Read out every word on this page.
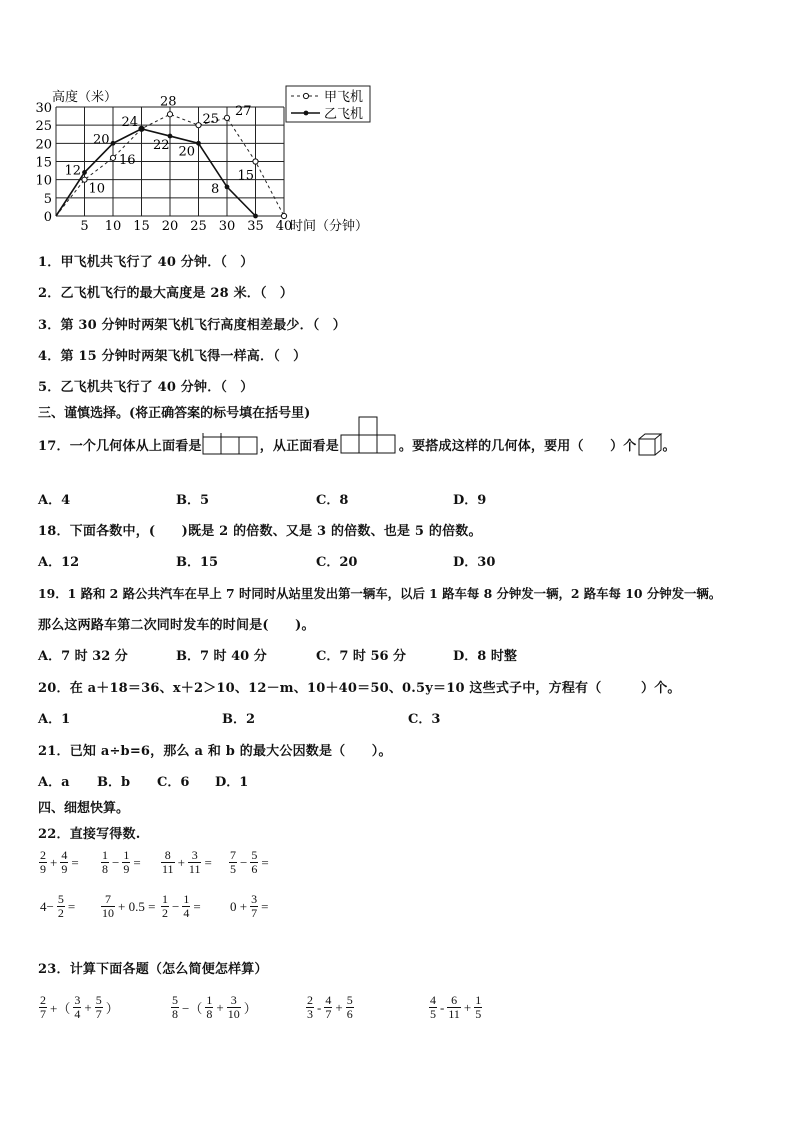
0
5
10
15
20
25
30
5 10 15 20 25 30 35 40
时间（分钟）
高度（米）
12
10
20
16
24
28
22
25
20
27
8
15
甲飞机
乙飞机
1．甲飞机共飞行了 40 分钟．（　）
2．乙飞机飞行的最大高度是 28 米．（　）
3．第 30 分钟时两架飞机飞行高度相差最少．（　）
4．第 15 分钟时两架飞机飞得一样高．（　）
5．乙飞机共飞行了 40 分钟．（　）
三、谨慎选择。(将正确答案的标号填在括号里)
17．一个几何体从上面看是	，从正面看是	。要搭成这样的几何体，要用（　　）个 。
A．4	B．5	C．8	D．9
18．下面各数中，(　　)既是 2 的倍数、又是 3 的倍数、也是 5 的倍数。
A．12	B．15	C．20	D．30
19．1 路和 2 路公共汽车在早上 7 时同时从站里发出第一辆车，以后 1 路车每 8 分钟发一辆，2 路车每 10 分钟发一辆。
那么这两路车第二次同时发车的时间是(　　)。
A．7 时 32 分	B．7 时 40 分	C．7 时 56 分	D．8 时整
20．在 a＋18＝36、x＋2＞10、12－m、10＋40＝50、0.5y＝10 这些式子中，方程有（　　　）个。
A．1	B．2	C．3
21．已知 a÷b=6，那么 a 和 b 的最大公因数是（　　）。
A．a B．b C．6 D．1
四、细想快算。
22．直接写得数.
$\frac{2}{9} + \frac{4}{9} = \frac{1}{8} - \frac{1}{9} = \frac{8}{11} + \frac{3}{11} = \frac{7}{5} - \frac{5}{6}$ =
$4- \frac{5}{2} = \frac{7}{10} + 0.5 = \frac{1}{2} - \frac{1}{4} = 0 + \frac{3}{7}$ =
23．计算下面各题（怎么简便怎样算）
$\frac{2}{7}$ +（ $\frac{3}{4} + \frac{5}{7}$ ）	$\frac{5}{8}$ −（ $\frac{1}{8} + \frac{3}{10}$ ）	$\frac{2}{3} - \frac{4}{7} + \frac{5}{6}$	$\frac{4}{5} - \frac{6}{11} + \frac{1}{5}$
